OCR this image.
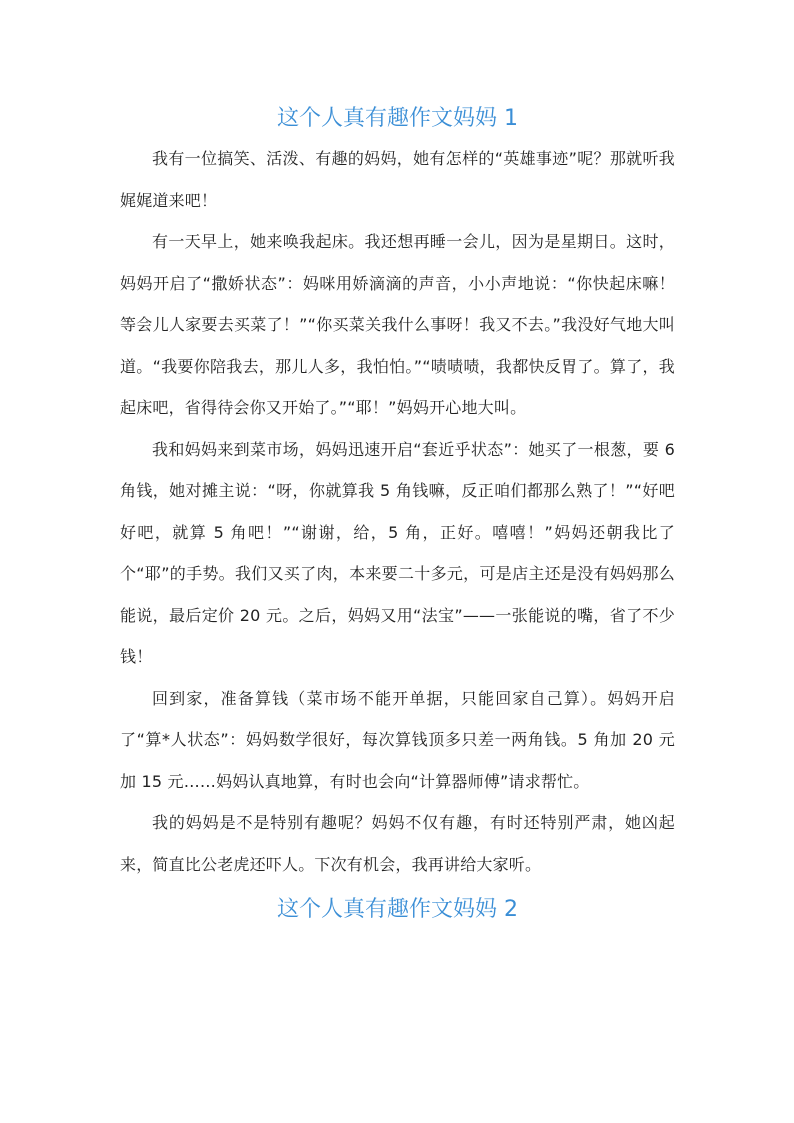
这个人真有趣作文妈妈 1

我有一位搞笑、活泼、有趣的妈妈，她有怎样的“英雄事迹”呢？那就听我娓娓道来吧！

有一天早上，她来唤我起床。我还想再睡一会儿，因为是星期日。这时，妈妈开启了“撒娇状态”：妈咪用娇滴滴的声音，小小声地说：“你快起床嘛！等会儿人家要去买菜了！”“你买菜关我什么事呀！我又不去。”我没好气地大叫道。“我要你陪我去，那儿人多，我怕怕。”“啧啧啧，我都快反胃了。算了，我起床吧，省得待会你又开始了。”“耶！”妈妈开心地大叫。

我和妈妈来到菜市场，妈妈迅速开启“套近乎状态”：她买了一根葱，要 6 角钱，她对摊主说：“呀，你就算我 5 角钱嘛，反正咱们都那么熟了！”“好吧好吧，就算 5 角吧！”“谢谢，给，5 角，正好。嘻嘻！”妈妈还朝我比了个“耶”的手势。我们又买了肉，本来要二十多元，可是店主还是没有妈妈那么能说，最后定价 20 元。之后，妈妈又用“法宝”——一张能说的嘴，省了不少钱！

回到家，准备算钱（菜市场不能开单据，只能回家自己算）。妈妈开启了“算*人状态”：妈妈数学很好，每次算钱顶多只差一两角钱。5 角加 20 元加 15 元……妈妈认真地算，有时也会向“计算器师傅”请求帮忙。

我的妈妈是不是特别有趣呢？妈妈不仅有趣，有时还特别严肃，她凶起来，简直比公老虎还吓人。下次有机会，我再讲给大家听。

这个人真有趣作文妈妈 2
